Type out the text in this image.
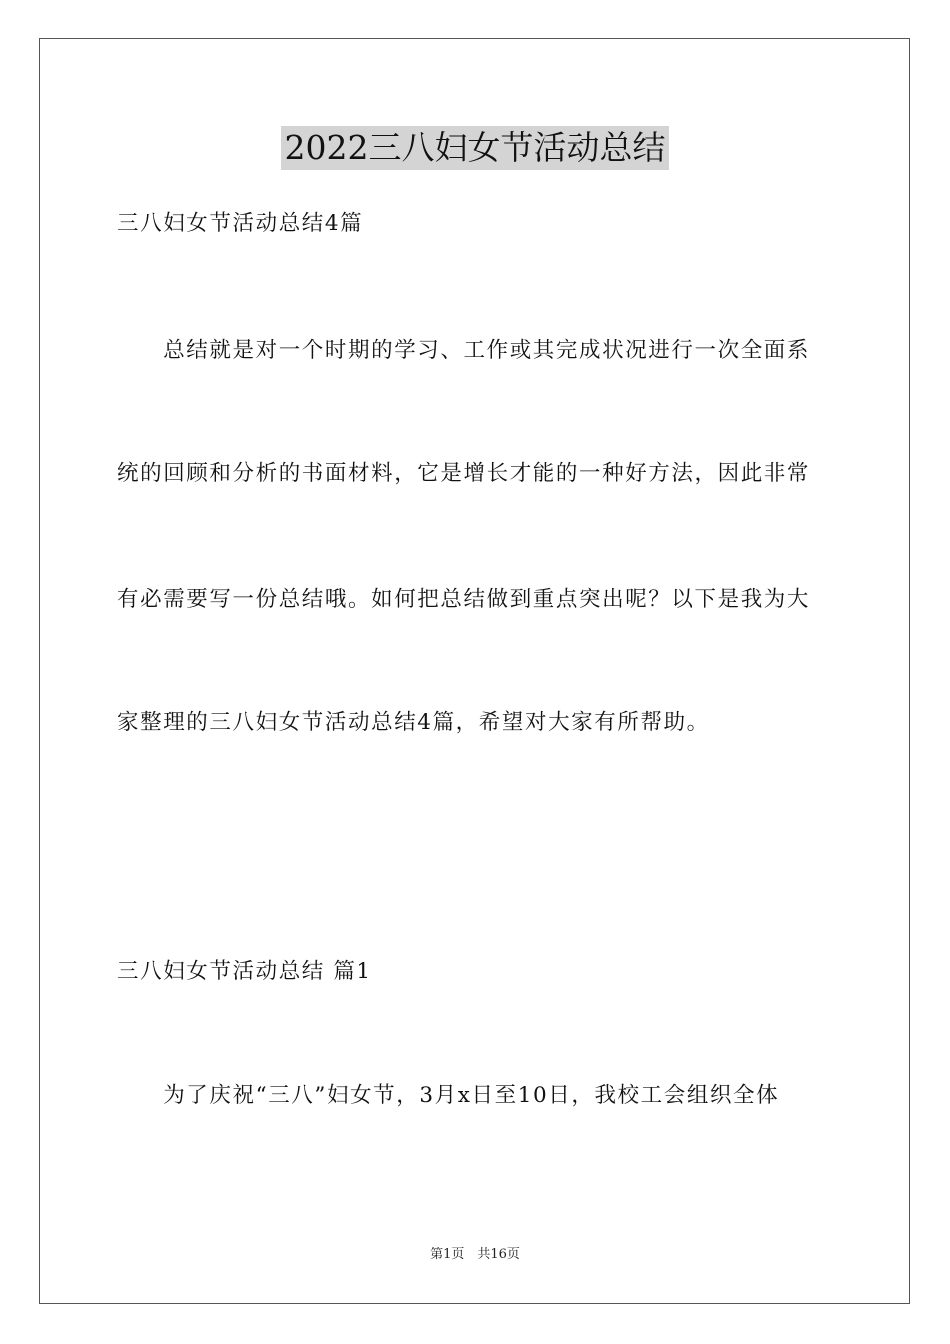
2022三八妇女节活动总结
三八妇女节活动总结4篇
　　总结就是对一个时期的学习、工作或其完成状况进行一次全面系
统的回顾和分析的书面材料，它是增长才能的一种好方法，因此非常
有必需要写一份总结哦。如何把总结做到重点突出呢？以下是我为大
家整理的三八妇女节活动总结4篇，希望对大家有所帮助。
三八妇女节活动总结 篇1
　　为了庆祝“三八”妇女节，3月x日至10日，我校工会组织全体
第1页　共16页
